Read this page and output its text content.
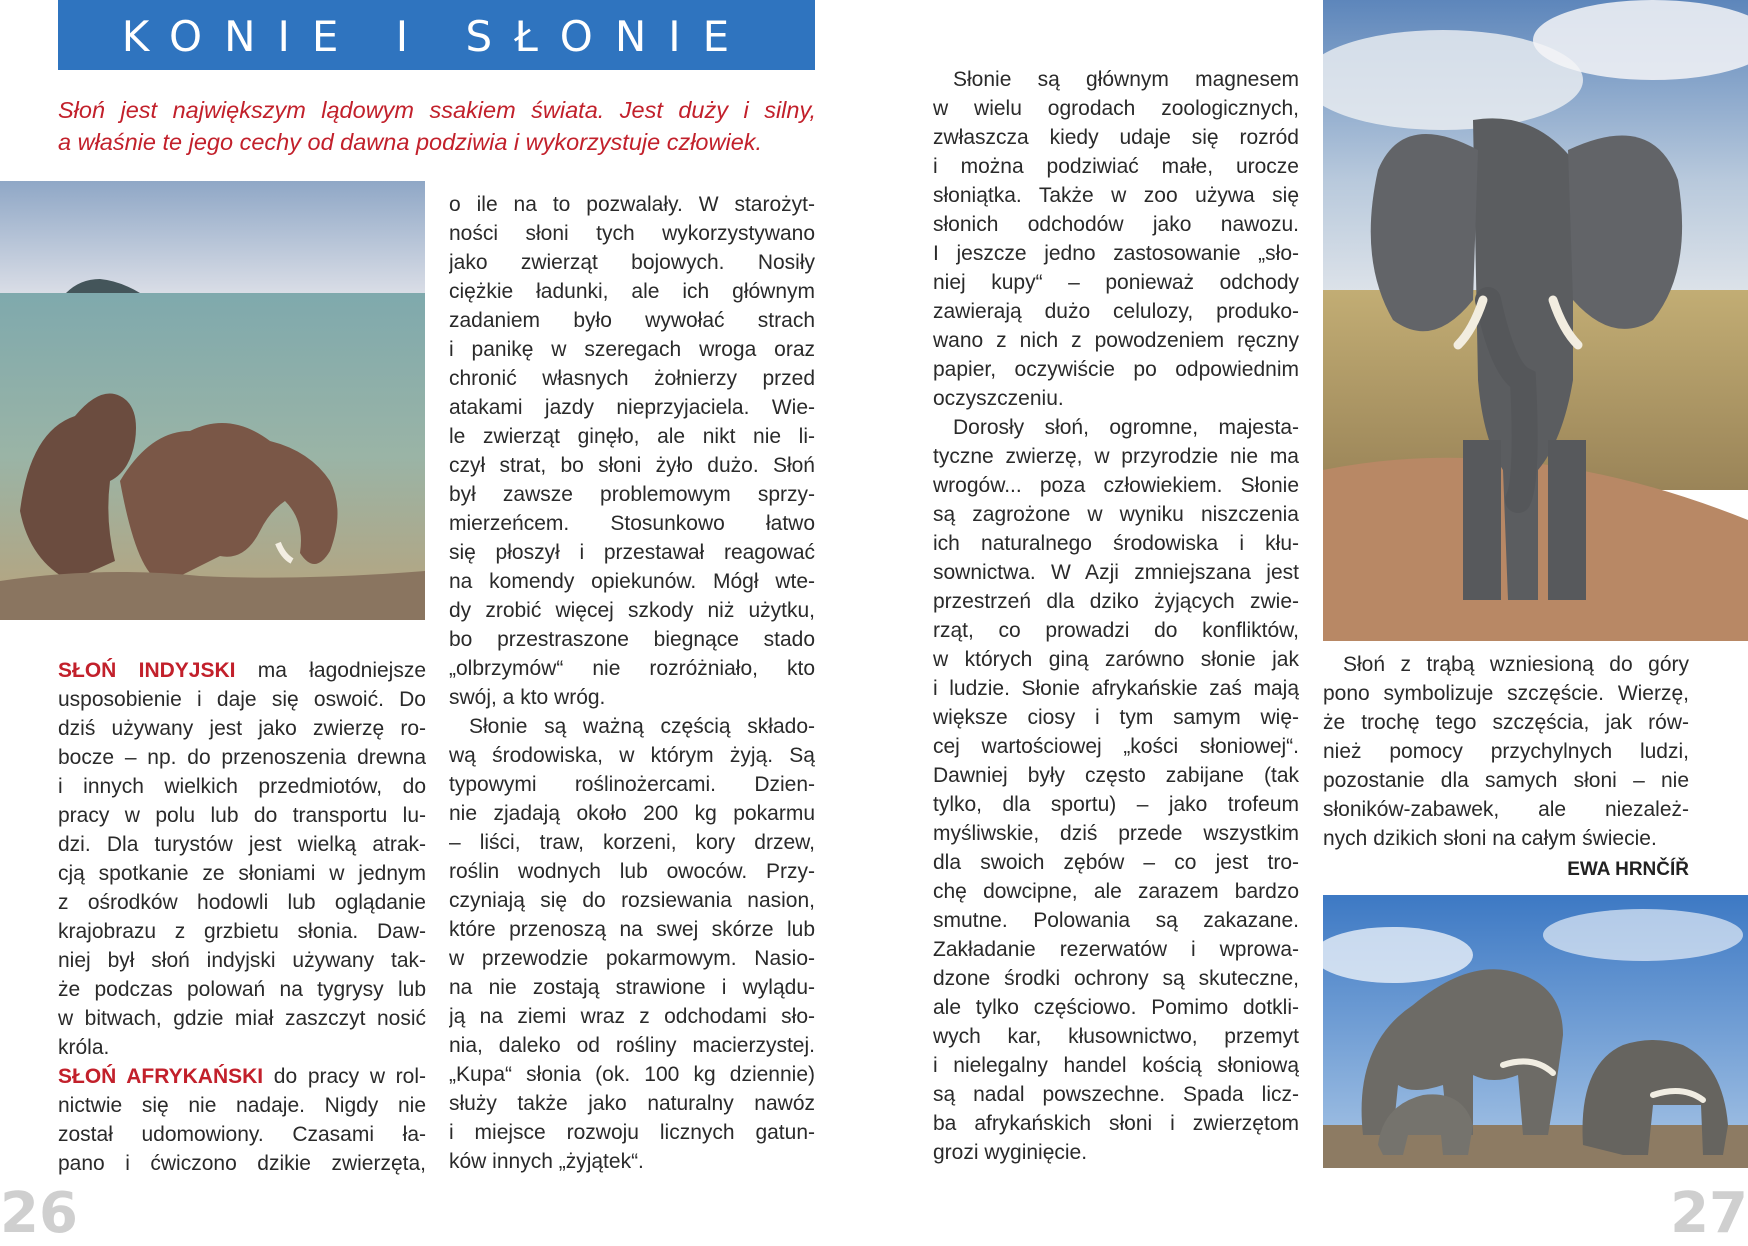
KONIE I SŁONIE
Słoń jest największym lądowym ssakiem świata. Jest duży i silny,
a właśnie te jego cechy od dawna podziwia i wykorzystuje człowiek.

SŁOŃ INDYJSKI ma łagodniejsze
usposobienie i daje się oswoić. Do
dziś używany jest jako zwierzę ro-
bocze – np. do przenoszenia drewna
i innych wielkich przedmiotów, do
pracy w polu lub do transportu lu-
dzi. Dla turystów jest wielką atrak-
cją spotkanie ze słoniami w jednym
z ośrodków hodowli lub oglądanie
krajobrazu z grzbietu słonia. Daw-
niej był słoń indyjski używany tak-
że podczas polowań na tygrysy lub
w bitwach, gdzie miał zaszczyt nosić
króla.

SŁOŃ AFRYKAŃSKI do pracy w rol-
nictwie się nie nadaje. Nigdy nie
został udomowiony. Czasami ła-
pano i ćwiczono dzikie zwierzęta,

o ile na to pozwalały. W starożyt-
ności słoni tych wykorzystywano
jako zwierząt bojowych. Nosiły
ciężkie ładunki, ale ich głównym
zadaniem było wywołać strach
i panikę w szeregach wroga oraz
chronić własnych żołnierzy przed
atakami jazdy nieprzyjaciela. Wie-
le zwierząt ginęło, ale nikt nie li-
czył strat, bo słoni żyło dużo. Słoń
był zawsze problemowym sprzy-
mierzeńcem. Stosunkowo łatwo
się płoszył i przestawał reagować
na komendy opiekunów. Mógł wte-
dy zrobić więcej szkody niż użytku,
bo przestraszone biegnące stado
„olbrzymów“ nie rozróżniało, kto
swój, a kto wróg.

Słonie są ważną częścią składo-
wą środowiska, w którym żyją. Są
typowymi roślinożercami. Dzien-
nie zjadają około 200 kg pokarmu
– liści, traw, korzeni, kory drzew,
roślin wodnych lub owoców. Przy-
czyniają się do rozsiewania nasion,
które przenoszą na swej skórze lub
w przewodzie pokarmowym. Nasio-
na nie zostają strawione i wylądu-
ją na ziemi wraz z odchodami sło-
nia, daleko od rośliny macierzystej.
„Kupa“ słonia (ok. 100 kg dziennie)
służy także jako naturalny nawóz
i miejsce rozwoju licznych gatun-
ków innych „żyjątek“.

Słonie są głównym magnesem
w wielu ogrodach zoologicznych,
zwłaszcza kiedy udaje się rozród
i można podziwiać małe, urocze
słoniątka. Także w zoo używa się
słonich odchodów jako nawozu.
I jeszcze jedno zastosowanie „sło-
niej kupy“ – ponieważ odchody
zawierają dużo celulozy, produko-
wano z nich z powodzeniem ręczny
papier, oczywiście po odpowiednim
oczyszczeniu.

Dorosły słoń, ogromne, majesta-
tyczne zwierzę, w przyrodzie nie ma
wrogów... poza człowiekiem. Słonie
są zagrożone w wyniku niszczenia
ich naturalnego środowiska i kłu-
sownictwa. W Azji zmniejszana jest
przestrzeń dla dziko żyjących zwie-
rząt, co prowadzi do konfliktów,
w których giną zarówno słonie jak
i ludzie. Słonie afrykańskie zaś mają
większe ciosy i tym samym wię-
cej wartościowej „kości słoniowej“.
Dawniej były często zabijane (tak
tylko, dla sportu) – jako trofeum
myśliwskie, dziś przede wszystkim
dla swoich zębów – co jest tro-
chę dowcipne, ale zarazem bardzo
smutne. Polowania są zakazane.
Zakładanie rezerwatów i wprowa-
dzone środki ochrony są skuteczne,
ale tylko częściowo. Pomimo dotkli-
wych kar, kłusownictwo, przemyt
i nielegalny handel kością słoniową
są nadal powszechne. Spada licz-
ba afrykańskich słoni i zwierzętom
grozi wyginięcie.

Słoń z trąbą wzniesioną do góry
pono symbolizuje szczęście. Wierzę,
że trochę tego szczęścia, jak rów-
nież pomocy przychylnych ludzi,
pozostanie dla samych słoni – nie
słoników-zabawek, ale niezależ-
nych dzikich słoni na całym świecie.

EWA HRNČÍŘ
26	27
